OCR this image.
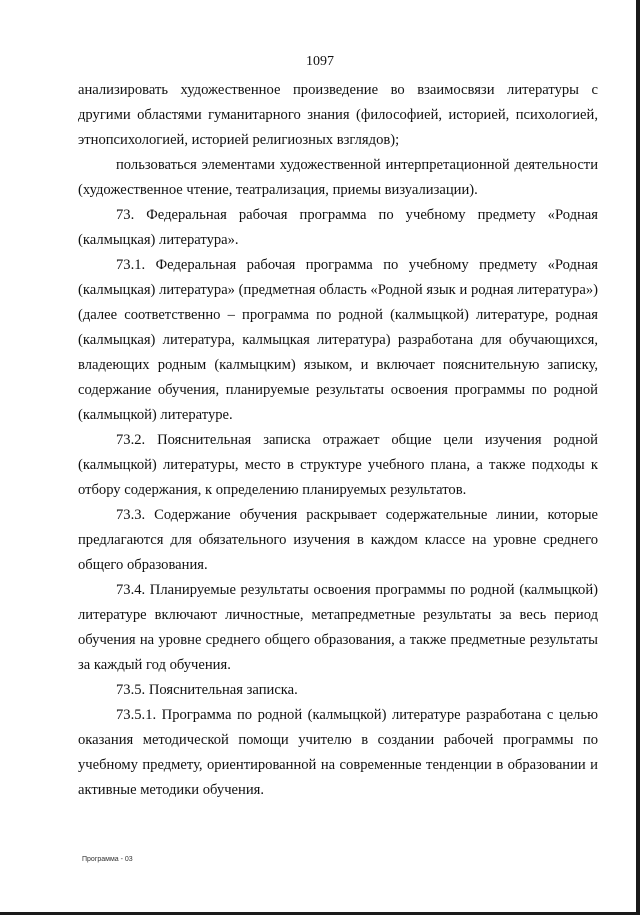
1097

анализировать художественное произведение во взаимосвязи литературы с другими областями гуманитарного знания (философией, историей, психологией, этнопсихологией, историей религиозных взглядов);

пользоваться элементами художественной интерпретационной деятельности (художественное чтение, театрализация, приемы визуализации).

73. Федеральная рабочая программа по учебному предмету «Родная (калмыцкая) литература».

73.1. Федеральная рабочая программа по учебному предмету «Родная (калмыцкая) литература» (предметная область «Родной язык и родная литература») (далее соответственно – программа по родной (калмыцкой) литературе, родная (калмыцкая) литература, калмыцкая литература) разработана для обучающихся, владеющих родным (калмыцким) языком, и включает пояснительную записку, содержание обучения, планируемые результаты освоения программы по родной (калмыцкой) литературе.

73.2. Пояснительная записка отражает общие цели изучения родной (калмыцкой) литературы, место в структуре учебного плана, а также подходы к отбору содержания, к определению планируемых результатов.

73.3. Содержание обучения раскрывает содержательные линии, которые предлагаются для обязательного изучения в каждом классе на уровне среднего общего образования.

73.4. Планируемые результаты освоения программы по родной (калмыцкой) литературе включают личностные, метапредметные результаты за весь период обучения на уровне среднего общего образования, а также предметные результаты за каждый год обучения.

73.5. Пояснительная записка.

73.5.1. Программа по родной (калмыцкой) литературе разработана с целью оказания методической помощи учителю в создании рабочей программы по учебному предмету, ориентированной на современные тенденции в образовании и активные методики обучения.

Программа - 03
